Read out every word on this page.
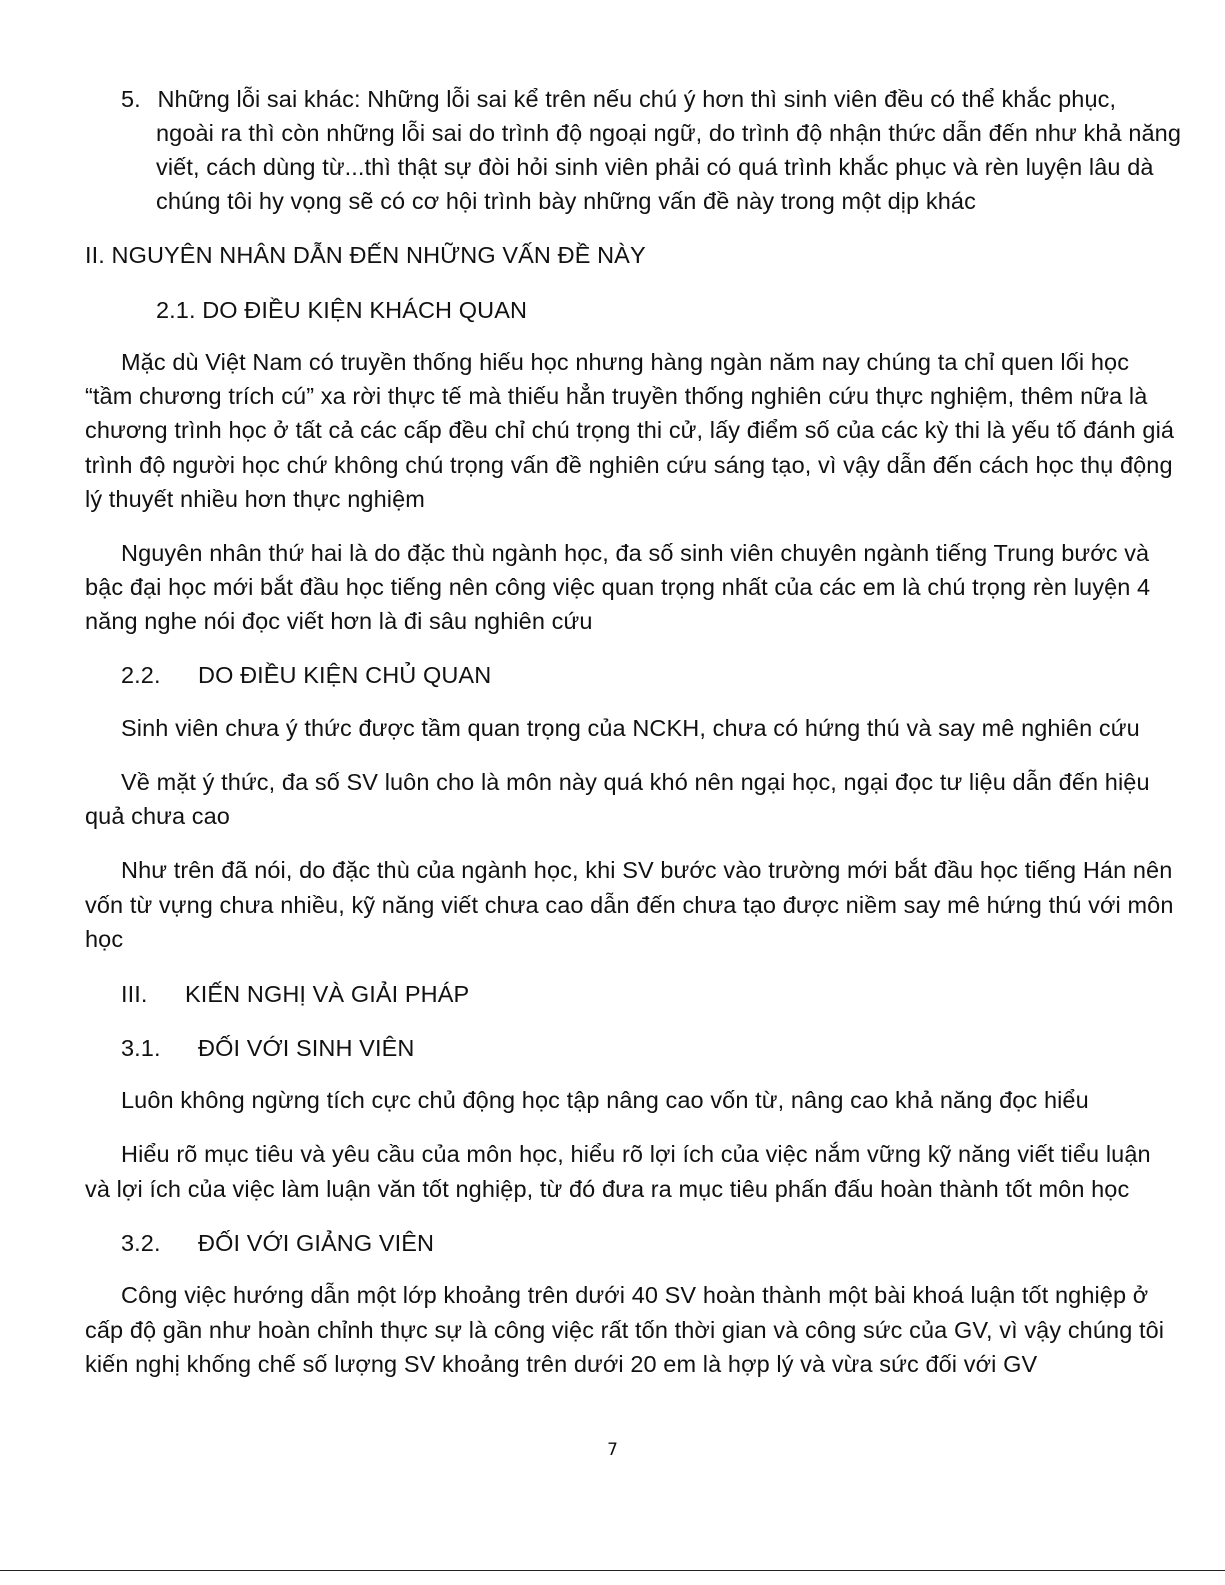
5. Những lỗi sai khác: Những lỗi sai kể trên nếu chú ý hơn thì sinh viên đều có thể khắc phục,
ngoài ra thì còn những lỗi sai do trình độ ngoại ngữ, do trình độ nhận thức dẫn đến như khả năng
viết, cách dùng từ...thì thật sự đòi hỏi sinh viên phải có quá trình khắc phục và rèn luyện lâu dà
chúng tôi hy vọng sẽ có cơ hội trình bày những vấn đề này trong một dịp khác
II. NGUYÊN NHÂN DẪN ĐẾN NHỮNG VẤN ĐỀ NÀY
2.1. DO ĐIỀU KIỆN KHÁCH QUAN
Mặc dù Việt Nam có truyền thống hiếu học nhưng hàng ngàn năm nay chúng ta chỉ quen lối học
“tầm chương trích cú” xa rời thực tế mà thiếu hẳn truyền thống nghiên cứu thực nghiệm, thêm nữa là
chương trình học ở tất cả các cấp đều chỉ chú trọng thi cử, lấy điểm số của các kỳ thi là yếu tố đánh giá
trình độ người học chứ không chú trọng vấn đề nghiên cứu sáng tạo, vì vậy dẫn đến cách học thụ động
lý thuyết nhiều hơn thực nghiệm
Nguyên nhân thứ hai là do đặc thù ngành học, đa số sinh viên chuyên ngành tiếng Trung bước và
bậc đại học mới bắt đầu học tiếng nên công việc quan trọng nhất của các em là chú trọng rèn luyện 4
năng nghe nói đọc viết hơn là đi sâu nghiên cứu
2.2. DO ĐIỀU KIỆN CHỦ QUAN
Sinh viên chưa ý thức được tầm quan trọng của NCKH, chưa có hứng thú và say mê nghiên cứu
Về mặt ý thức, đa số SV luôn cho là môn này quá khó nên ngại học, ngại đọc tư liệu dẫn đến hiệu
quả chưa cao
Như trên đã nói, do đặc thù của ngành học, khi SV bước vào trường mới bắt đầu học tiếng Hán nên
vốn từ vựng chưa nhiều, kỹ năng viết chưa cao dẫn đến chưa tạo được niềm say mê hứng thú với môn
học
III. KIẾN NGHỊ VÀ GIẢI PHÁP
3.1. ĐỐI VỚI SINH VIÊN
Luôn không ngừng tích cực chủ động học tập nâng cao vốn từ, nâng cao khả năng đọc hiểu
Hiểu rõ mục tiêu và yêu cầu của môn học, hiểu rõ lợi ích của việc nắm vững kỹ năng viết tiểu luận
và lợi ích của việc làm luận văn tốt nghiệp, từ đó đưa ra mục tiêu phấn đấu hoàn thành tốt môn học
3.2. ĐỐI VỚI GIẢNG VIÊN
Công việc hướng dẫn một lớp khoảng trên dưới 40 SV hoàn thành một bài khoá luận tốt nghiệp ở
cấp độ gần như hoàn chỉnh thực sự là công việc rất tốn thời gian và công sức của GV, vì vậy chúng tôi
kiến nghị khống chế số lượng SV khoảng trên dưới 20 em là hợp lý và vừa sức đối với GV
7
